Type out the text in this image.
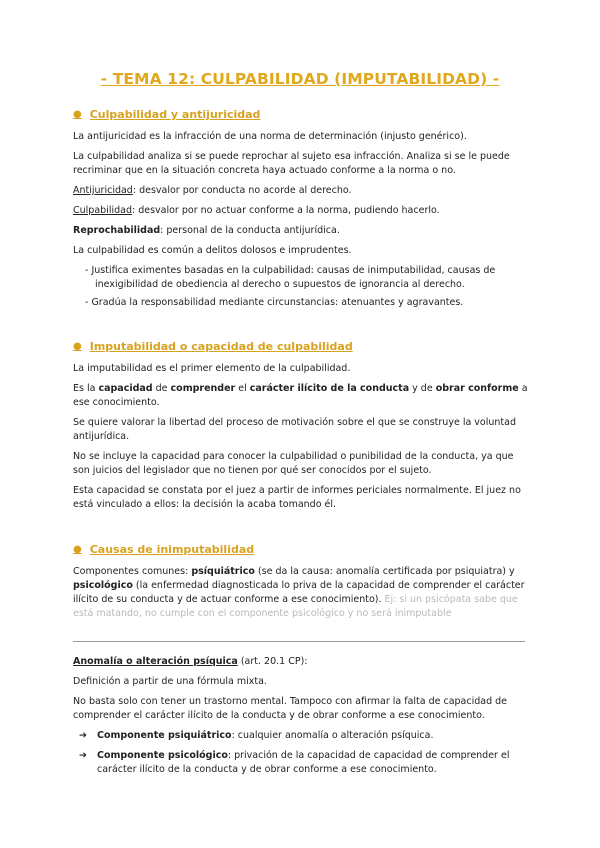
- TEMA 12: CULPABILIDAD (IMPUTABILIDAD) -
● Culpabilidad y antijuricidad

La antijuricidad es la infracción de una norma de determinación (injusto genérico).

La culpabilidad analiza si se puede reprochar al sujeto esa infracción. Analiza si se le puede recriminar que en la situación concreta haya actuado conforme a la norma o no.

Antijuricidad: desvalor por conducta no acorde al derecho.

Culpabilidad: desvalor por no actuar conforme a la norma, pudiendo hacerlo.

Reprochabilidad: personal de la conducta antijurídica.

La culpabilidad es común a delitos dolosos e imprudentes.

- Justifica eximentes basadas en la culpabilidad: causas de inimputabilidad, causas de inexigibilidad de obediencia al derecho o supuestos de ignorancia al derecho.
- Gradúa la responsabilidad mediante circunstancias: atenuantes y agravantes.
● Imputabilidad o capacidad de culpabilidad

La imputabilidad es el primer elemento de la culpabilidad.

Es la capacidad de comprender el carácter ilícito de la conducta y de obrar conforme a ese conocimiento.

Se quiere valorar la libertad del proceso de motivación sobre el que se construye la voluntad antijurídica.

No se incluye la capacidad para conocer la culpabilidad o punibilidad de la conducta, ya que son juicios del legislador que no tienen por qué ser conocidos por el sujeto.

Esta capacidad se constata por el juez a partir de informes periciales normalmente. El juez no está vinculado a ellos: la decisión la acaba tomando él.

● Causas de inimputabilidad

Componentes comunes: psíquiátrico (se da la causa: anomalía certificada por psiquiatra) y psicológico (la enfermedad diagnosticada lo priva de la capacidad de comprender el carácter ilícito de su conducta y de actuar conforme a ese conocimiento). Ej: si un psicópata sabe que está matando, no cumple con el componente psicológico y no será inimputable

Anomalía o alteración psíquica (art. 20.1 CP):

Definición a partir de una fórmula mixta.

No basta solo con tener un trastorno mental. Tampoco con afirmar la falta de capacidad de comprender el carácter ilícito de la conducta y de obrar conforme a ese conocimiento.

➔ Componente psiquiátrico: cualquier anomalía o alteración psíquica.
➔ Componente psicológico: privación de la capacidad de capacidad de comprender el carácter ilícito de la conducta y de obrar conforme a ese conocimiento.
